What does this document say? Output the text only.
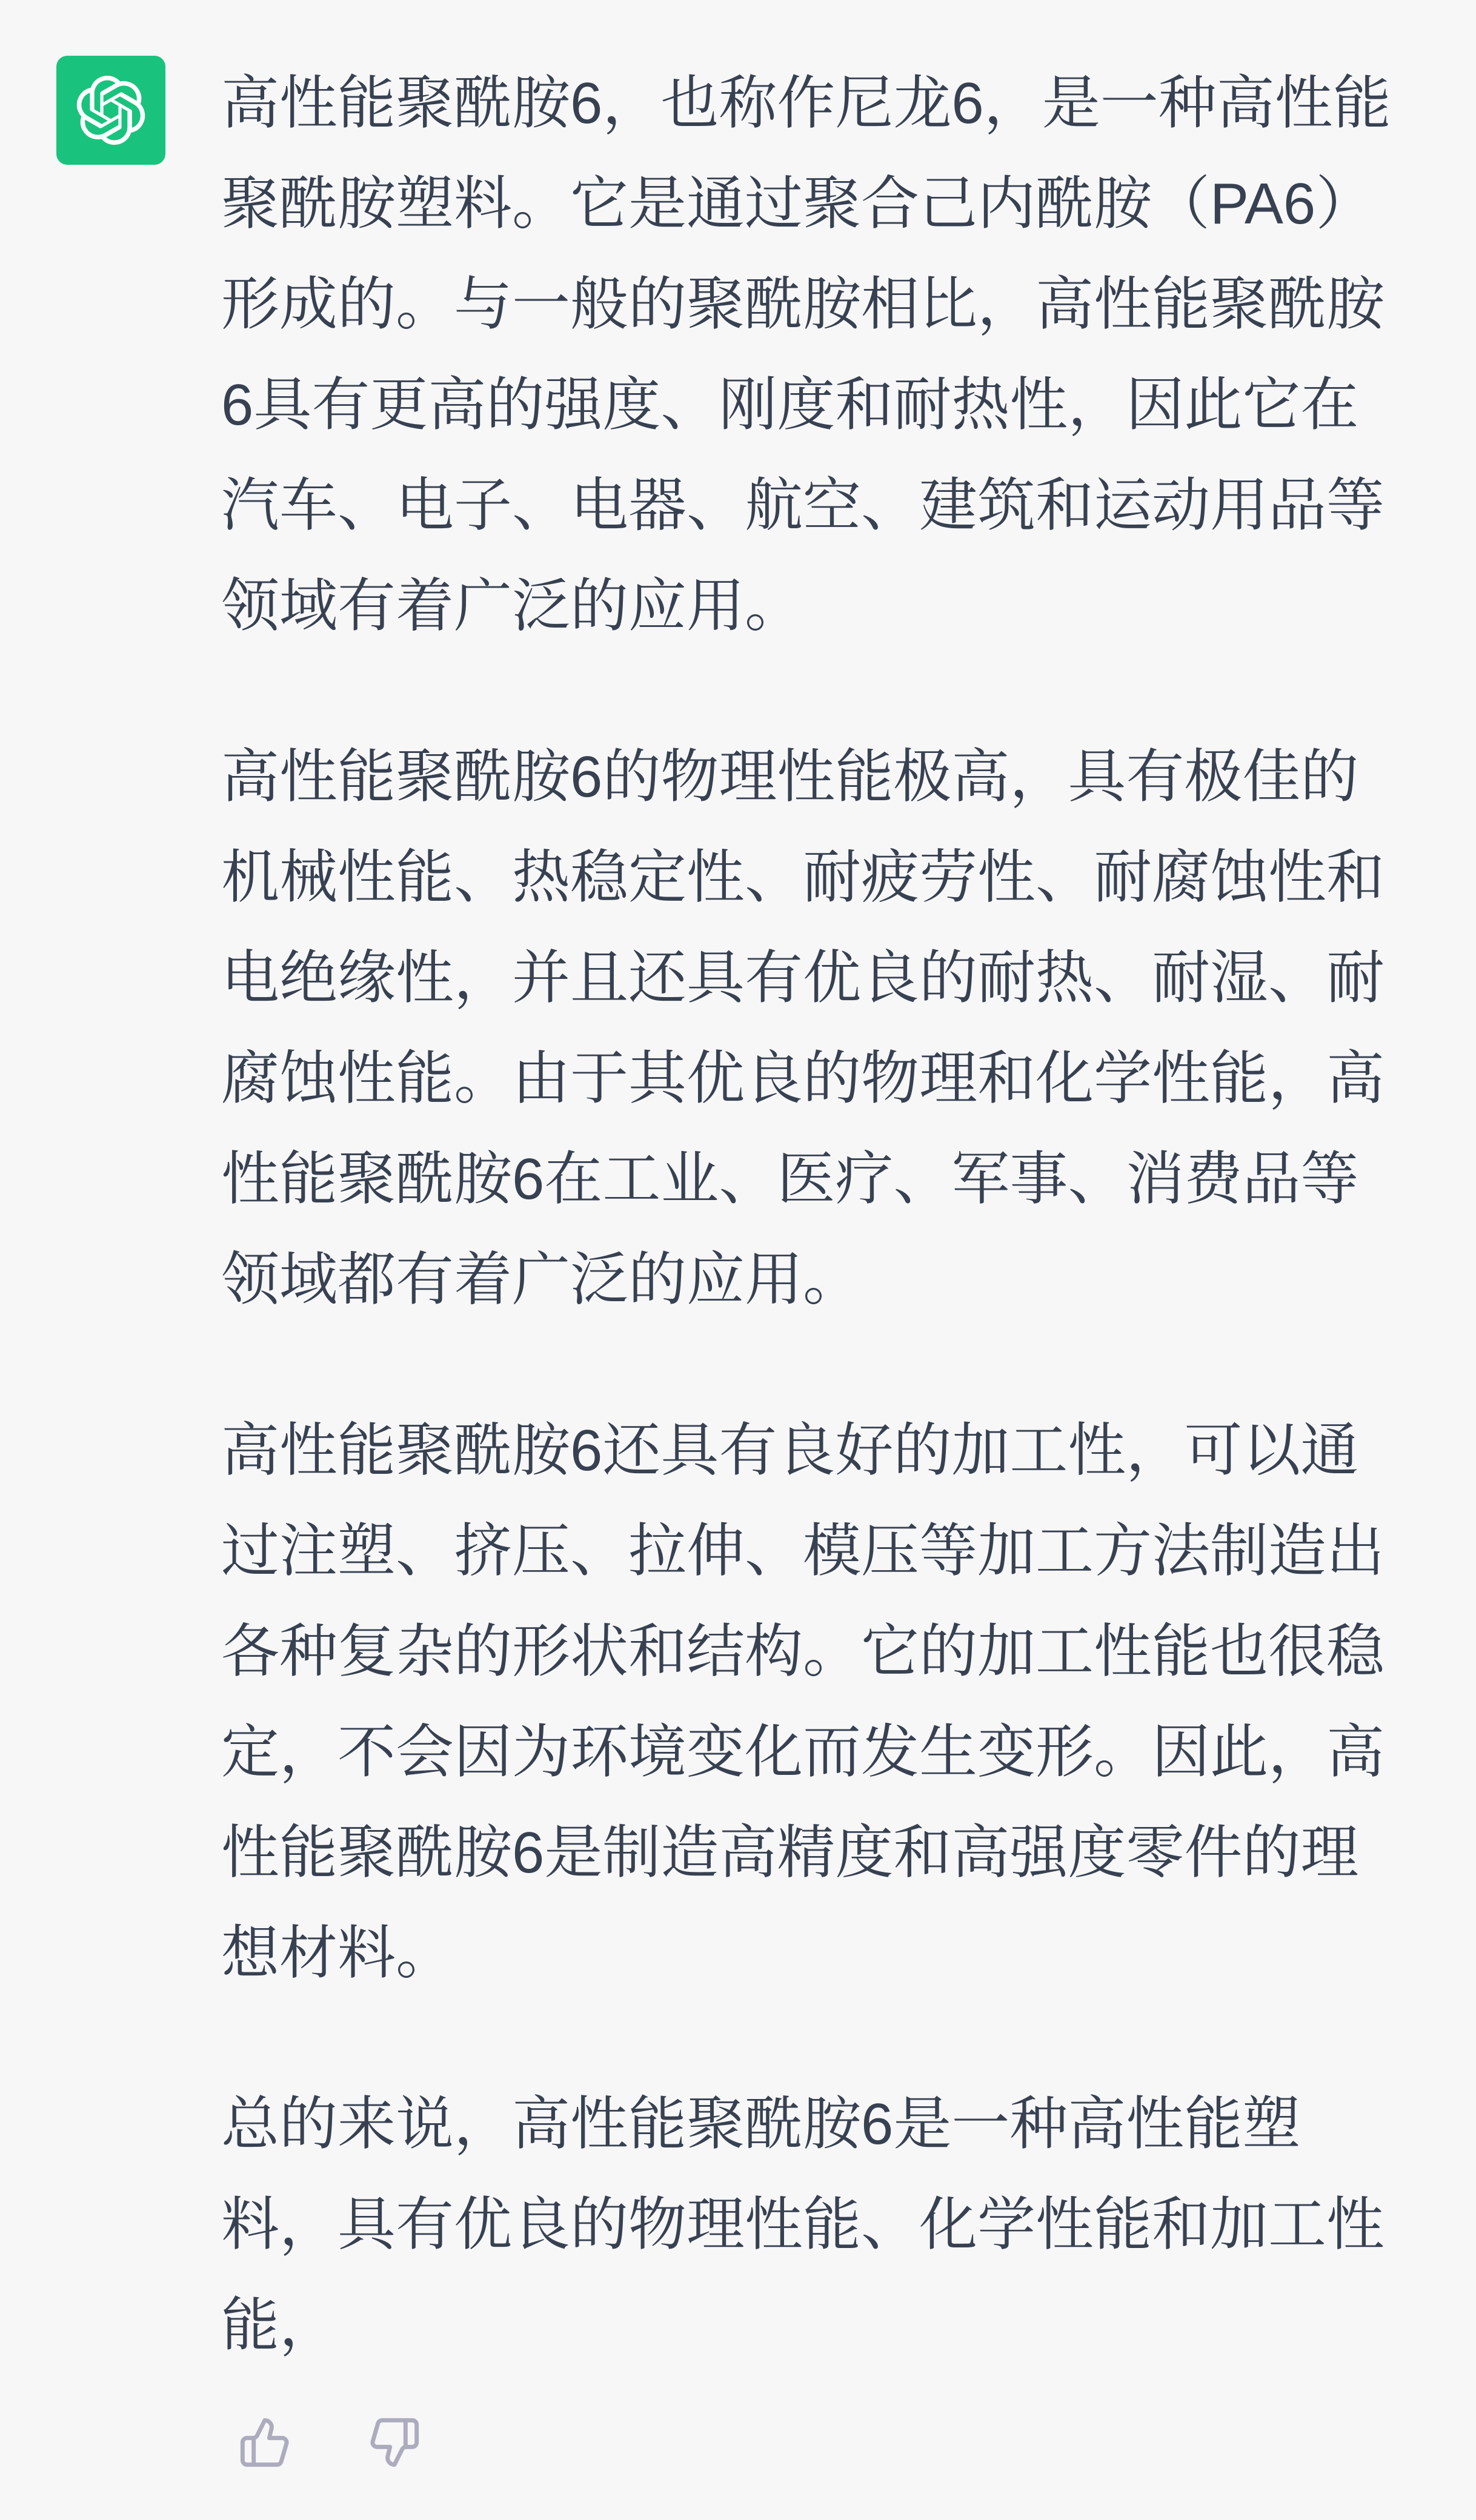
高性能聚酰胺6，也称作尼龙6，是一种高性能
聚酰胺塑料。它是通过聚合己内酰胺（PA6）
形成的。与一般的聚酰胺相比，高性能聚酰胺
6具有更高的强度、刚度和耐热性，因此它在
汽车、电子、电器、航空、建筑和运动用品等
领域有着广泛的应用。
高性能聚酰胺6的物理性能极高，具有极佳的
机械性能、热稳定性、耐疲劳性、耐腐蚀性和
电绝缘性，并且还具有优良的耐热、耐湿、耐
腐蚀性能。由于其优良的物理和化学性能，高
性能聚酰胺6在工业、医疗、军事、消费品等
领域都有着广泛的应用。
高性能聚酰胺6还具有良好的加工性，可以通
过注塑、挤压、拉伸、模压等加工方法制造出
各种复杂的形状和结构。它的加工性能也很稳
定，不会因为环境变化而发生变形。因此，高
性能聚酰胺6是制造高精度和高强度零件的理
想材料。
总的来说，高性能聚酰胺6是一种高性能塑
料，具有优良的物理性能、化学性能和加工性
能，
